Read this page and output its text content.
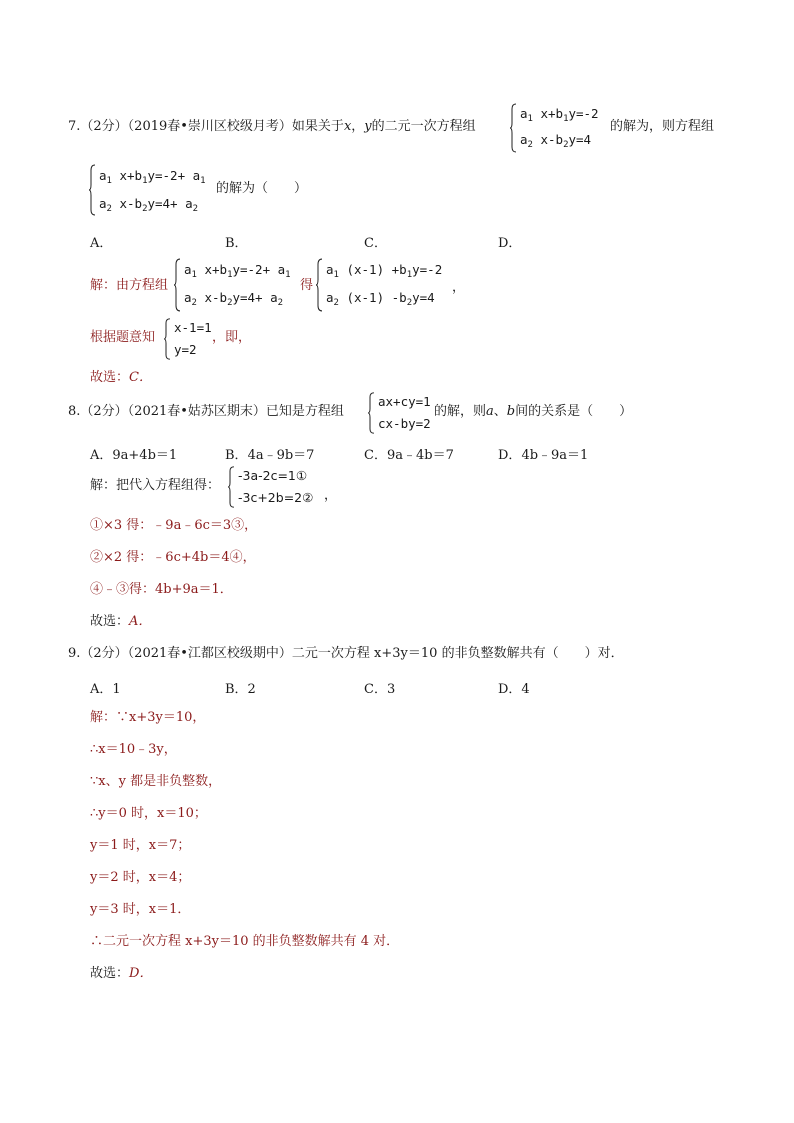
7.（2分）（2019春•崇川区校级月考）如果关于x，y的二元一次方程组
$a_1$ $x+b_1y=-2$
$a_2$ $x-b_2y=4$
的解为，则方程组
$a_1$ $x+b_1y=-2+ a_1$
$a_2$ $x-b_2y=4+ a_2$
的解为（　　）
A．	B．	C．	D．
解：由方程组
$a_1$ $x+b_1y=-2+ a_1$
$a_2$ $x-b_2y=4+ a_2$
得
$a_1$ $(x-1) +b_1y=-2$
$a_2$ (x-1) $-b_2y=4$
，
根据题意知
x-1=1
y=2
，即，
故选：C．
8.（2分）（2021春•姑苏区期末）已知是方程组
ax+cy=1
cx-by=2
的解，则a、b间的关系是（　　）
A．9a+4b＝1	B．4a﹣9b＝7	C．9a﹣4b＝7	D．4b﹣9a＝1
解：把代入方程组得：
-3a-2c=1①
-3c+2b=2② ，
①×3 得：﹣9a﹣6c＝3③，
②×2 得：﹣6c+4b＝4④，
④﹣③得：4b+9a＝1．
故选：A．
9.（2分）（2021春•江都区校级期中）二元一次方程 x+3y＝10 的非负整数解共有（　　）对．
A．1	B．2	C．3	D．4
解：∵x+3y＝10，
∴x＝10﹣3y，
∵x、y 都是非负整数，
∴y＝0 时，x＝10；
y＝1 时，x＝7；
y＝2 时，x＝4；
y＝3 时，x＝1．
∴二元一次方程 x+3y＝10 的非负整数解共有 4 对．
故选：D．
